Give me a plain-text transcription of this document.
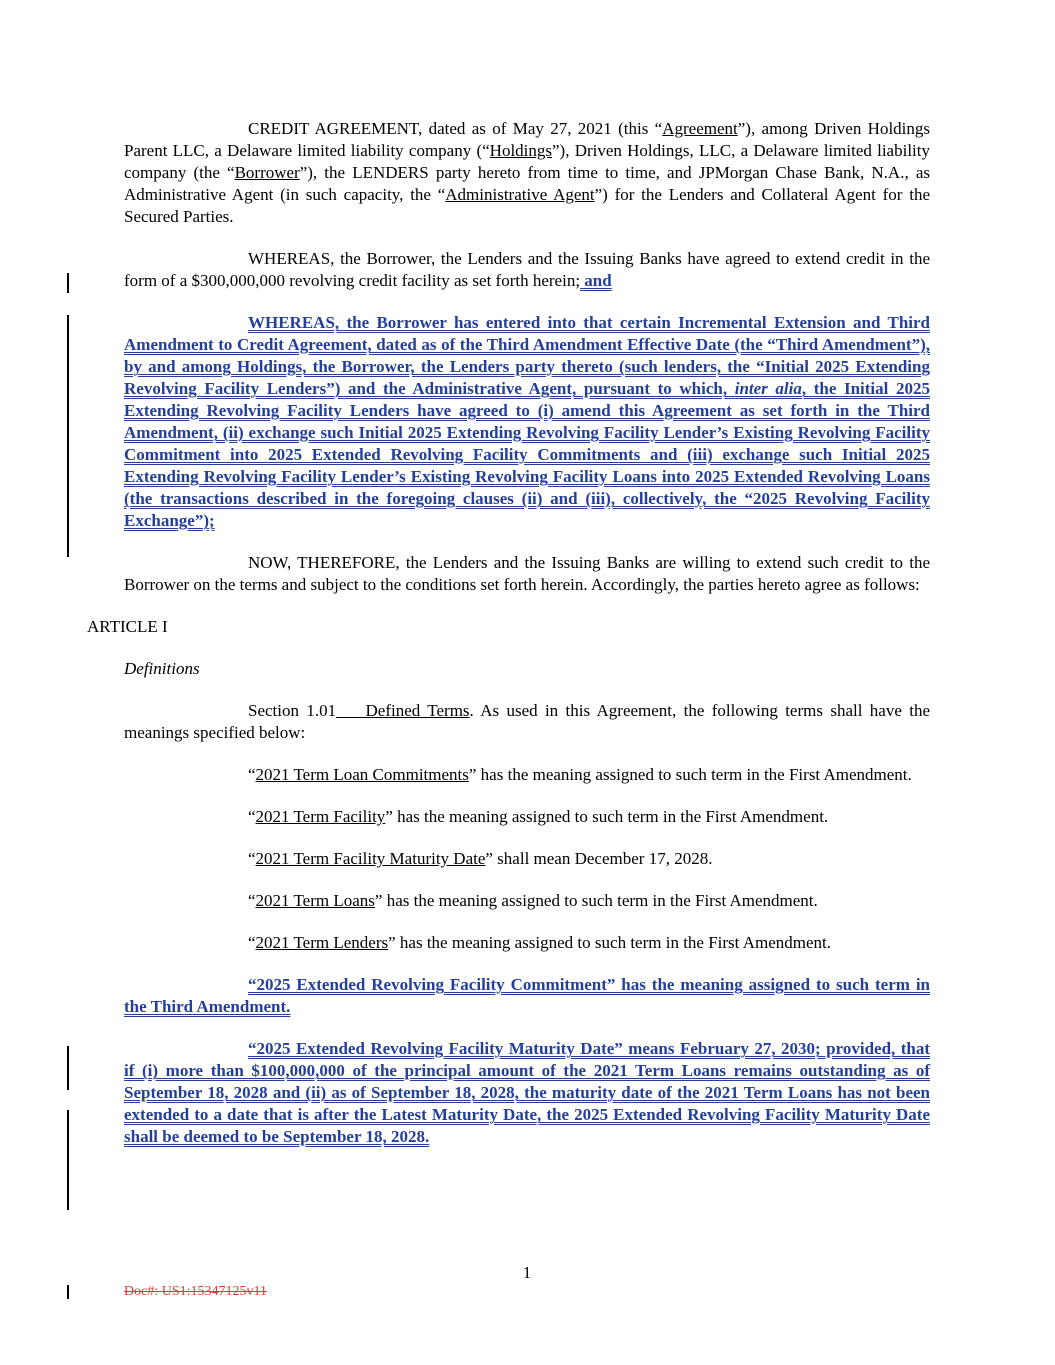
CREDIT AGREEMENT, dated as of May 27, 2021 (this “Agreement”), among Driven Holdings Parent LLC, a Delaware limited liability company (“Holdings”), Driven Holdings, LLC, a Delaware limited liability company (the “Borrower”), the LENDERS party hereto from time to time, and JPMorgan Chase Bank, N.A., as Administrative Agent (in such capacity, the “Administrative Agent”) for the Lenders and Collateral Agent for the Secured Parties.

WHEREAS, the Borrower, the Lenders and the Issuing Banks have agreed to extend credit in the form of a $300,000,000 revolving credit facility as set forth herein; and

WHEREAS, the Borrower has entered into that certain Incremental Extension and Third Amendment to Credit Agreement, dated as of the Third Amendment Effective Date (the “Third Amendment”), by and among Holdings, the Borrower, the Lenders party thereto (such lenders, the “Initial 2025 Extending Revolving Facility Lenders”) and the Administrative Agent, pursuant to which, inter alia, the Initial 2025 Extending Revolving Facility Lenders have agreed to (i) amend this Agreement as set forth in the Third Amendment, (ii) exchange such Initial 2025 Extending Revolving Facility Lender’s Existing Revolving Facility Commitment into 2025 Extended Revolving Facility Commitments and (iii) exchange such Initial 2025 Extending Revolving Facility Lender’s Existing Revolving Facility Loans into 2025 Extended Revolving Loans (the transactions described in the foregoing clauses (ii) and (iii), collectively, the “2025 Revolving Facility Exchange”);

NOW, THEREFORE, the Lenders and the Issuing Banks are willing to extend such credit to the Borrower on the terms and subject to the conditions set forth herein. Accordingly, the parties hereto agree as follows:

ARTICLE I

Definitions

Section 1.01    Defined Terms. As used in this Agreement, the following terms shall have the meanings specified below:

“2021 Term Loan Commitments” has the meaning assigned to such term in the First Amendment.

“2021 Term Facility” has the meaning assigned to such term in the First Amendment.

“2021 Term Facility Maturity Date” shall mean December 17, 2028.

“2021 Term Loans” has the meaning assigned to such term in the First Amendment.

“2021 Term Lenders” has the meaning assigned to such term in the First Amendment.

“2025 Extended Revolving Facility Commitment” has the meaning assigned to such term in the Third Amendment.

“2025 Extended Revolving Facility Maturity Date” means February 27, 2030; provided, that if (i) more than $100,000,000 of the principal amount of the 2021 Term Loans remains outstanding as of September 18, 2028 and (ii) as of September 18, 2028, the maturity date of the 2021 Term Loans has not been extended to a date that is after the Latest Maturity Date, the 2025 Extended Revolving Facility Maturity Date shall be deemed to be September 18, 2028.

1
Doc#: US1:15347125v11
